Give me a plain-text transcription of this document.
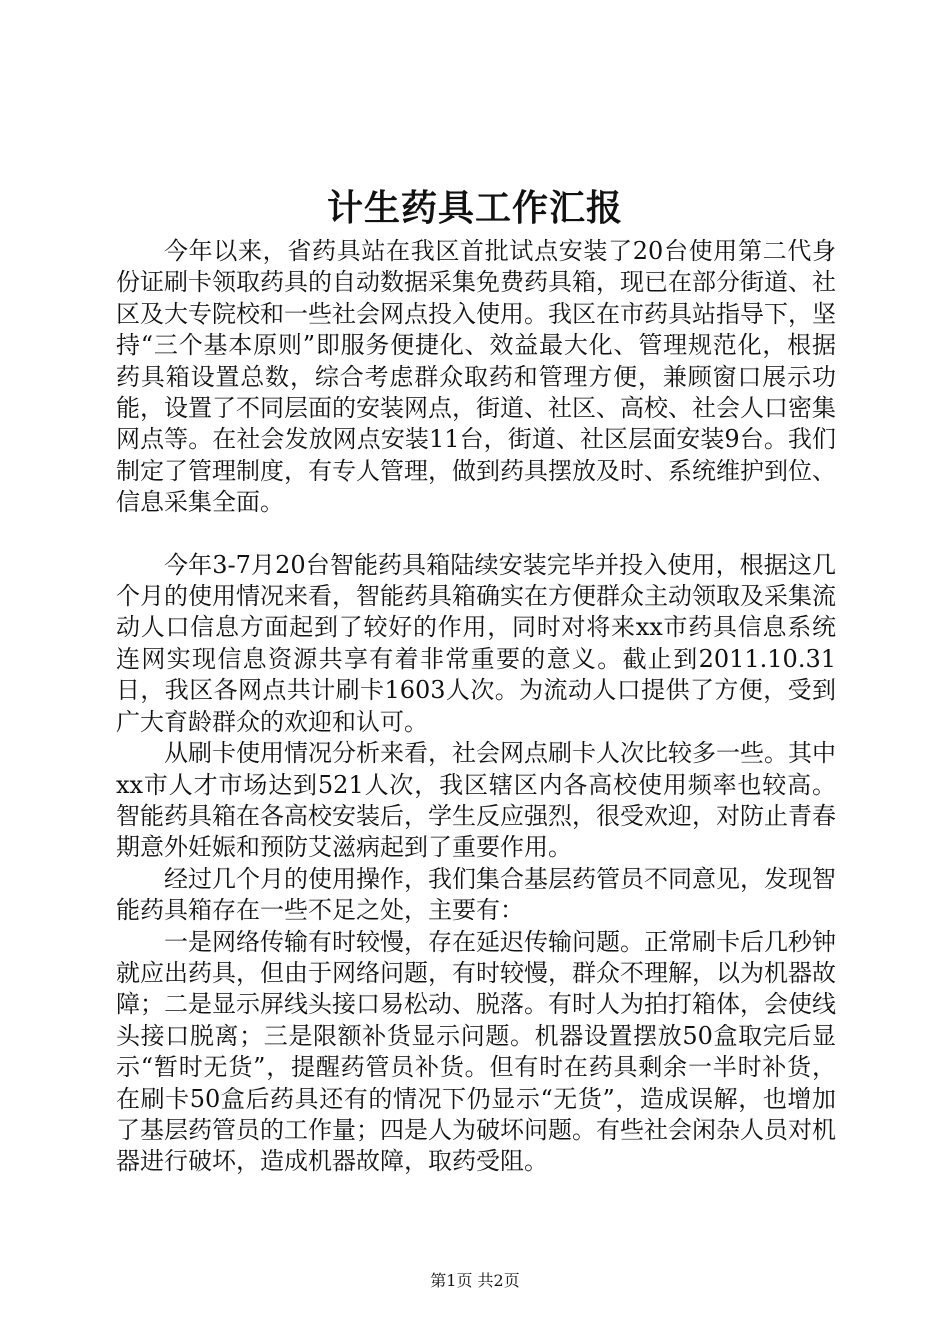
计生药具工作汇报

今年以来，省药具站在我区首批试点安装了20台使用第二代身份证刷卡领取药具的自动数据采集免费药具箱，现已在部分街道、社区及大专院校和一些社会网点投入使用。我区在市药具站指导下，坚持“三个基本原则”即服务便捷化、效益最大化、管理规范化，根据药具箱设置总数，综合考虑群众取药和管理方便，兼顾窗口展示功能，设置了不同层面的安装网点，街道、社区、高校、社会人口密集网点等。在社会发放网点安装11台，街道、社区层面安装9台。我们制定了管理制度，有专人管理，做到药具摆放及时、系统维护到位、信息采集全面。

今年3-7月20台智能药具箱陆续安装完毕并投入使用，根据这几个月的使用情况来看，智能药具箱确实在方便群众主动领取及采集流动人口信息方面起到了较好的作用，同时对将来xx市药具信息系统连网实现信息资源共享有着非常重要的意义。截止到2011.10.31日，我区各网点共计刷卡1603人次。为流动人口提供了方便，受到广大育龄群众的欢迎和认可。

从刷卡使用情况分析来看，社会网点刷卡人次比较多一些。其中xx市人才市场达到521人次，我区辖区内各高校使用频率也较高。智能药具箱在各高校安装后，学生反应强烈，很受欢迎，对防止青春期意外妊娠和预防艾滋病起到了重要作用。

经过几个月的使用操作，我们集合基层药管员不同意见，发现智能药具箱存在一些不足之处，主要有：

一是网络传输有时较慢，存在延迟传输问题。正常刷卡后几秒钟就应出药具，但由于网络问题，有时较慢，群众不理解，以为机器故障；二是显示屏线头接口易松动、脱落。有时人为拍打箱体，会使线头接口脱离；三是限额补货显示问题。机器设置摆放50盒取完后显示“暂时无货”，提醒药管员补货。但有时在药具剩余一半时补货，在刷卡50盒后药具还有的情况下仍显示“无货”，造成误解，也增加了基层药管员的工作量；四是人为破坏问题。有些社会闲杂人员对机器进行破坏，造成机器故障，取药受阻。

第1页 共2页
